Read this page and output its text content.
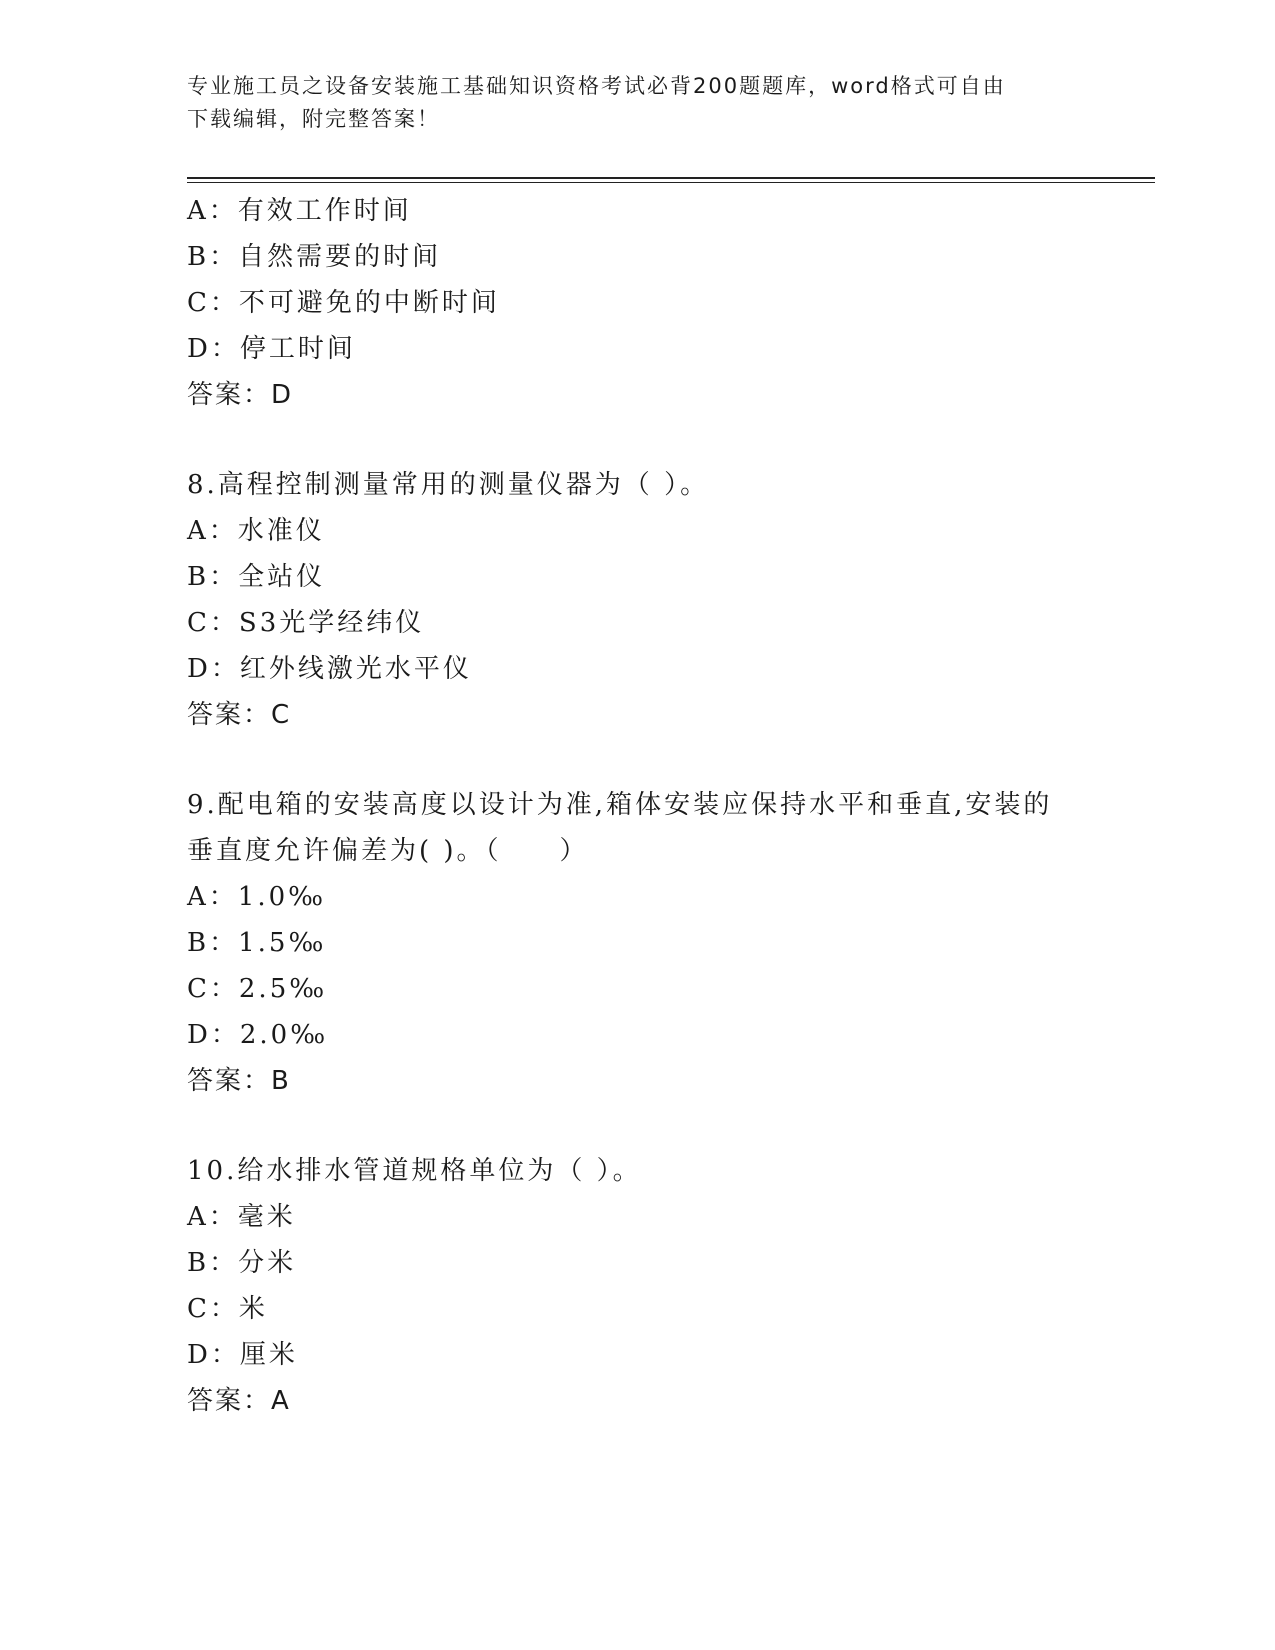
专业施工员之设备安装施工基础知识资格考试必背200题题库，word格式可自由
下载编辑，附完整答案！
A：有效工作时间
B：自然需要的时间
C：不可避免的中断时间
D：停工时间
答案：D
8.高程控制测量常用的测量仪器为（ ）。
A：水准仪
B：全站仪
C：S3光学经纬仪
D：红外线激光水平仪
答案：C
9.配电箱的安装高度以设计为准,箱体安装应保持水平和垂直,安装的
垂直度允许偏差为( )。（　　）
A：1.0‰
B：1.5‰
C：2.5‰
D：2.0‰
答案：B
10.给水排水管道规格单位为（ ）。
A：毫米
B：分米
C：米
D：厘米
答案：A
